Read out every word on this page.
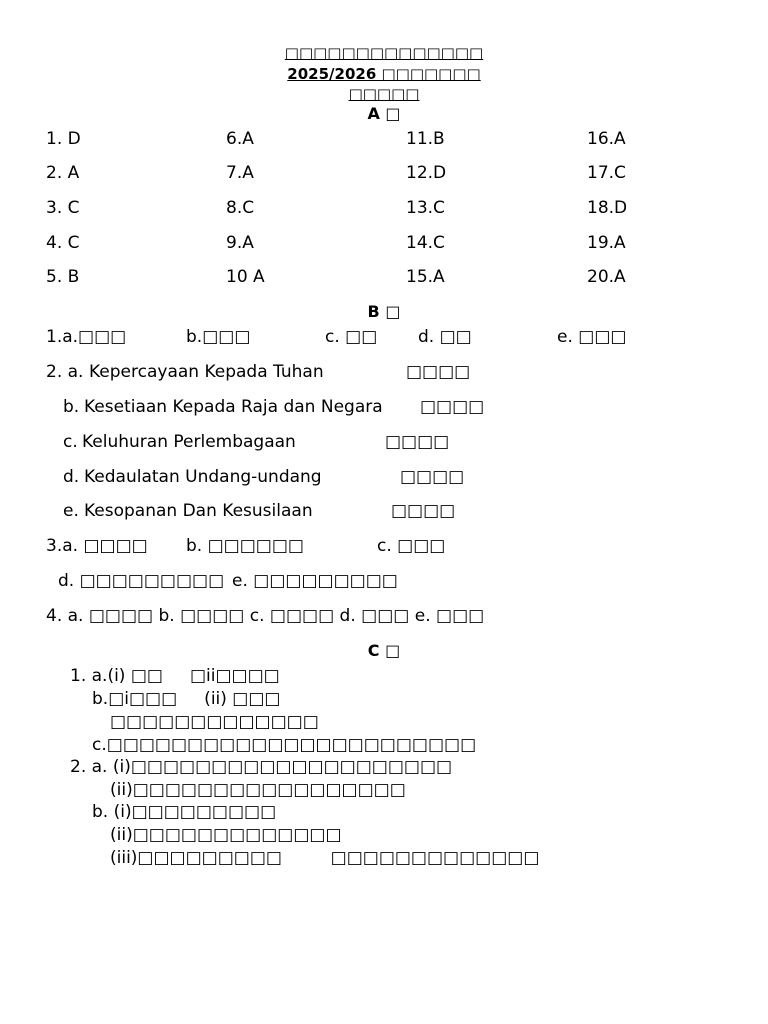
□□□□□□□□□□□□□□
2025/2026 □□□□□□□
□□□□□
A □
1. D	6.A	11.B	16.A
2. A	7.A	12.D	17.C
3. C	8.C	13.C	18.D
4. C	9.A	14.C	19.A
5. B	10 A	15.A	20.A
B □
1.a.□□□	b.□□□	c. □□ d. □□	e. □□□
2. a. Kepercayaan Kepada Tuhan	□□□□
b. Kesetiaan Kepada Raja dan Negara □□□□
c. Keluhuran Perlembagaan	□□□□
d. Kedaulatan Undang-undang	□□□□
e. Kesopanan Dan Kesusilaan	□□□□
3.a. □□□□ b. □□□□□□	c. □□□
d. □□□□□□□□□ e. □□□□□□□□□
4. a. □□□□ b. □□□□ c. □□□□ d. □□□ e. □□□
C □
1. a.(i) □□     □ii□□□□
b.□i□□□     (ii) □□□
□□□□□□□□□□□□□
c.□□□□□□□□□□□□□□□□□□□□□□□
2. a. (i)□□□□□□□□□□□□□□□□□□□□
(ii)□□□□□□□□□□□□□□□□□
b. (i)□□□□□□□□□
(ii)□□□□□□□□□□□□□
(iii)□□□□□□□□□         □□□□□□□□□□□□□
